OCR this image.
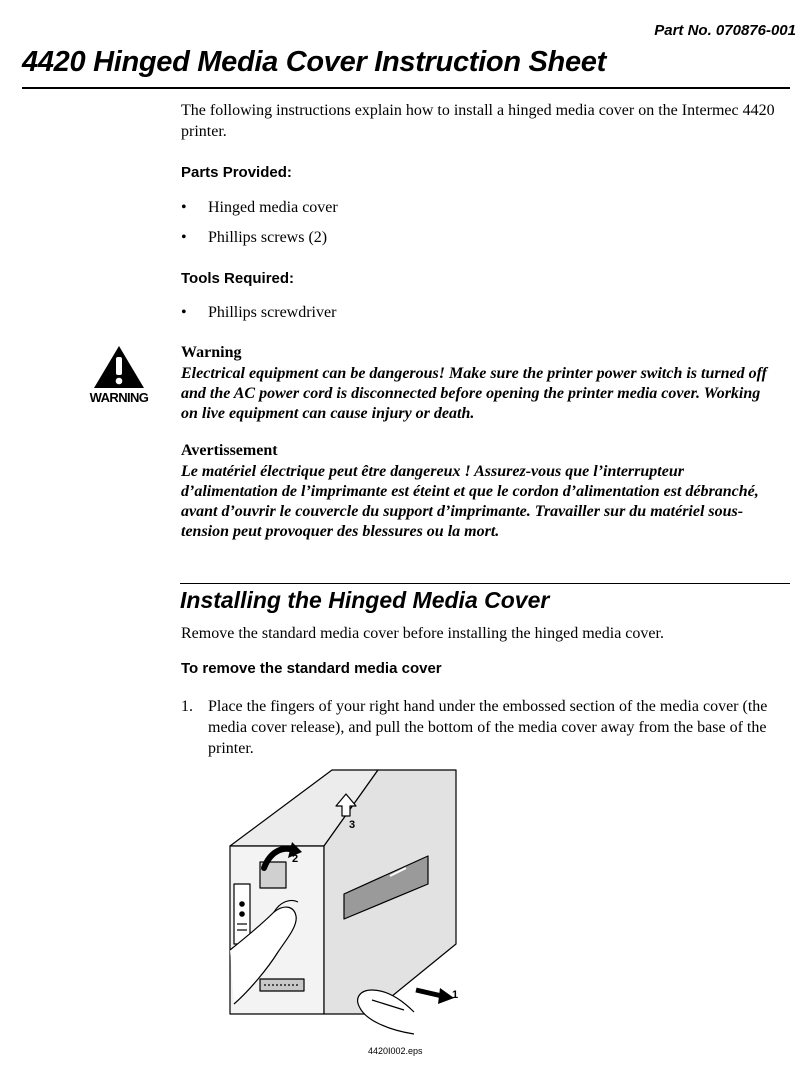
Part No. 070876-001
4420 Hinged Media Cover Instruction Sheet
The following instructions explain how to install a hinged media cover on the Intermec 4420 printer.
Parts Provided:
•	Hinged media cover
•	Phillips screws (2)
Tools Required:
•	Phillips screwdriver
WARNING
Warning
Electrical equipment can be dangerous! Make sure the printer power switch is turned off and the AC power cord is disconnected before opening the printer media cover. Working on live equipment can cause injury or death.
Avertissement
Le matériel électrique peut être dangereux ! Assurez-vous que l’interrupteur d’alimentation de l’imprimante est éteint et que le cordon d’alimentation est débranché, avant d’ouvrir le couvercle du support d’imprimante. Travailler sur du matériel sous-tension peut provoquer des blessures ou la mort.
Installing the Hinged Media Cover
Remove the standard media cover before installing the hinged media cover.
To remove the standard media cover
1. Place the fingers of your right hand under the embossed section of the media cover (the media cover release), and pull the bottom of the media cover away from the base of the printer.
3
2
1
4420I002.eps
